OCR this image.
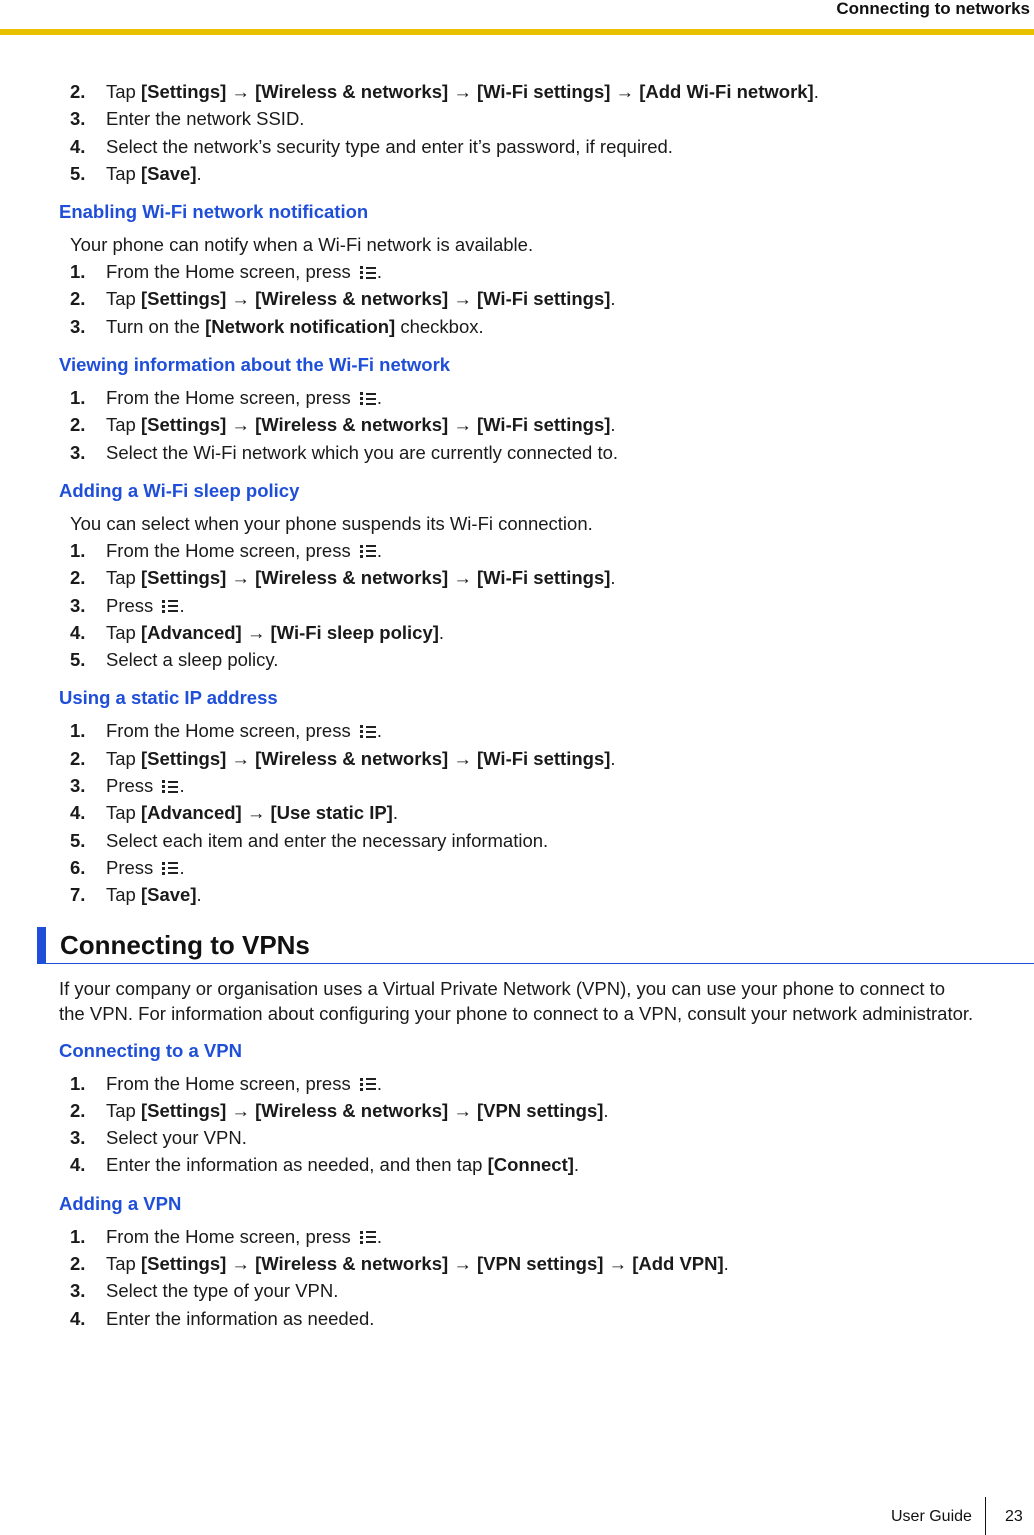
Connecting to networks
2. Tap [Settings] → [Wireless & networks] → [Wi-Fi settings] → [Add Wi-Fi network].
3. Enter the network SSID.
4. Select the network’s security type and enter it’s password, if required.
5. Tap [Save].
Enabling Wi-Fi network notification
Your phone can notify when a Wi-Fi network is available.
1. From the Home screen, press
.
2. Tap [Settings] → [Wireless & networks] → [Wi-Fi settings].
3. Turn on the [Network notification] checkbox.
Viewing information about the Wi-Fi network
1. From the Home screen, press
.
2. Tap [Settings] → [Wireless & networks] → [Wi-Fi settings].
3. Select the Wi-Fi network which you are currently connected to.
Adding a Wi-Fi sleep policy
You can select when your phone suspends its Wi-Fi connection.
1. From the Home screen, press
.
2. Tap [Settings] → [Wireless & networks] → [Wi-Fi settings].
3. Press
.
4. Tap [Advanced] → [Wi-Fi sleep policy].
5. Select a sleep policy.
Using a static IP address
1. From the Home screen, press
.
2. Tap [Settings] → [Wireless & networks] → [Wi-Fi settings].
3. Press
.
4. Tap [Advanced] → [Use static IP].
5. Select each item and enter the necessary information.
6. Press
.
7. Tap [Save].
Connecting to VPNs
If your company or organisation uses a Virtual Private Network (VPN), you can use your phone to connect to the VPN. For information about configuring your phone to connect to a VPN, consult your network administrator.
Connecting to a VPN
1. From the Home screen, press
.
2. Tap [Settings] → [Wireless & networks] → [VPN settings].
3. Select your VPN.
4. Enter the information as needed, and then tap [Connect].
Adding a VPN
1. From the Home screen, press
.
2. Tap [Settings] → [Wireless & networks] → [VPN settings] → [Add VPN].
3. Select the type of your VPN.
4. Enter the information as needed.
User Guide 23
